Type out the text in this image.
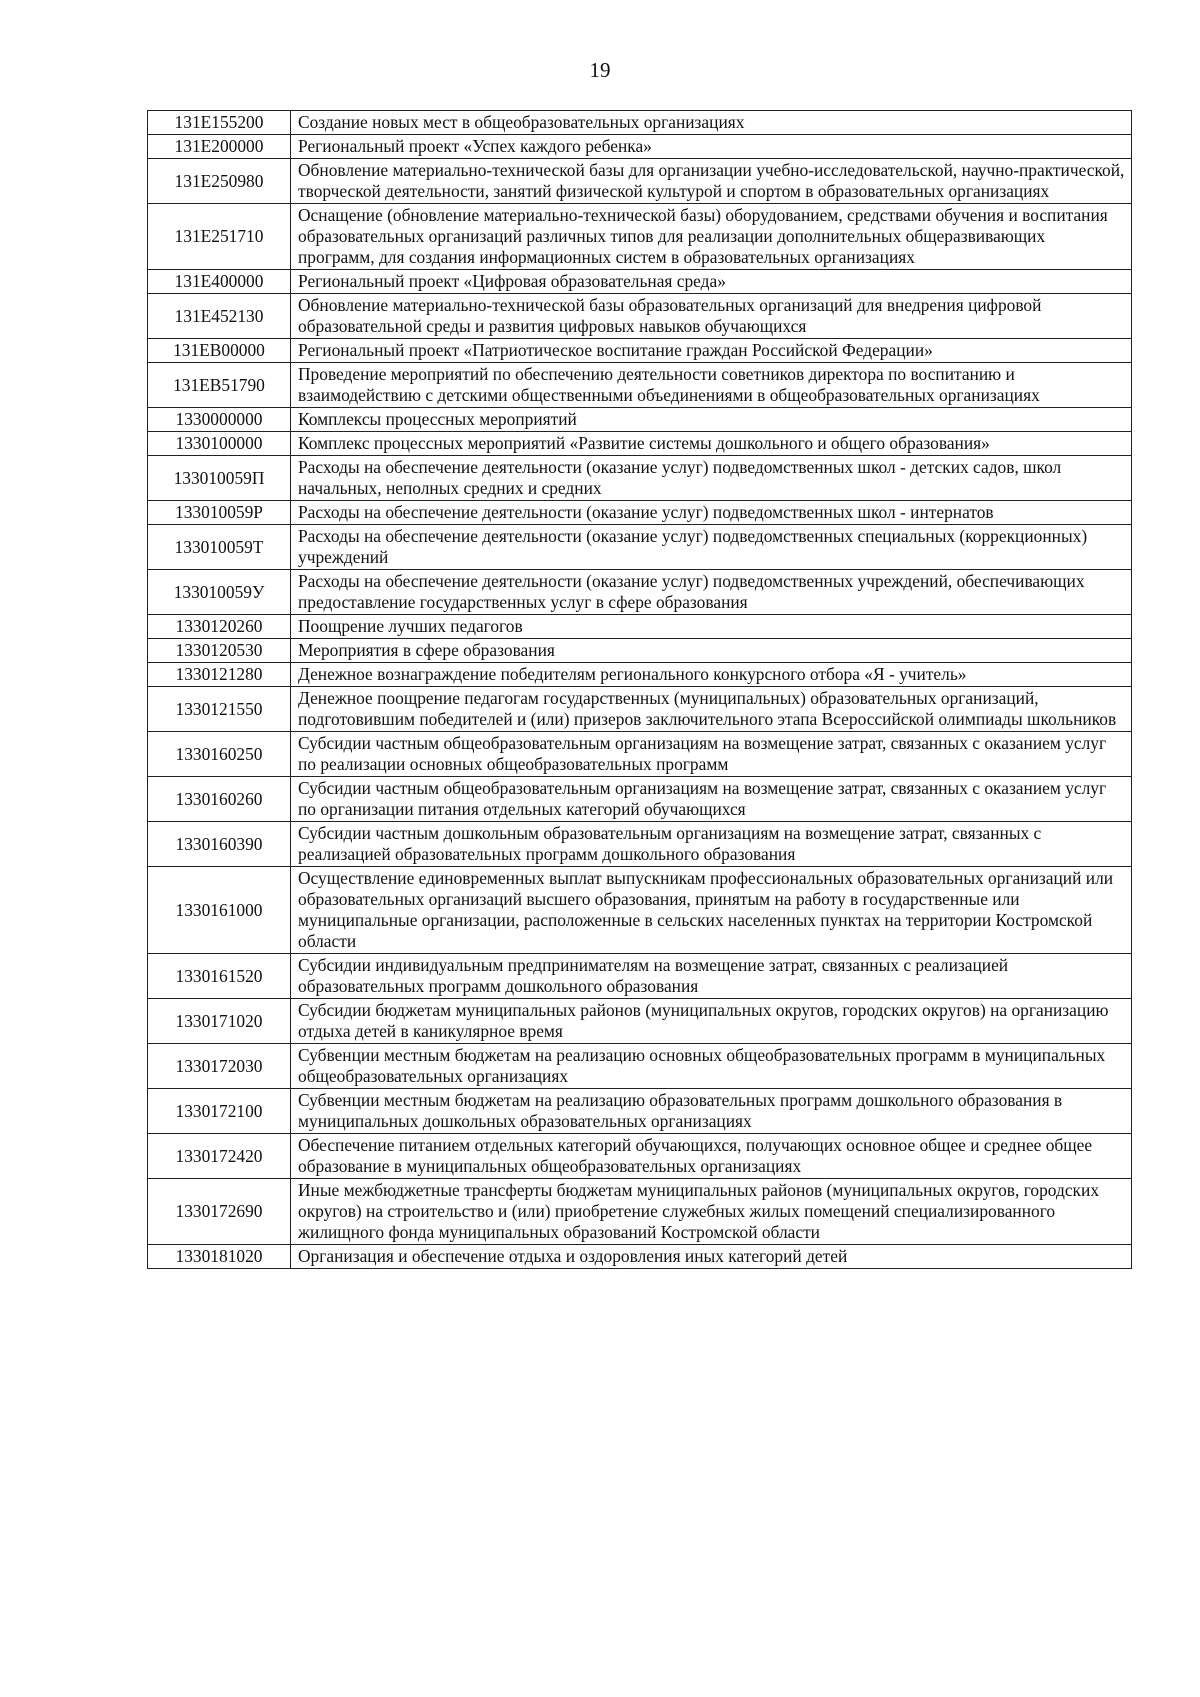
19
131E155200	Создание новых мест в общеобразовательных организациях
131E200000	Региональный проект «Успех каждого ребенка»
131E250980	Обновление материально-технической базы для организации учебно-исследовательской, научно-практической, творческой деятельности, занятий физической культурой и спортом в образовательных организациях
131E251710	Оснащение (обновление материально-технической базы) оборудованием, средствами обучения и воспитания образовательных организаций различных типов для реализации дополнительных общеразвивающих программ, для создания информационных систем в образовательных организациях
131E400000	Региональный проект «Цифровая образовательная среда»
131E452130	Обновление материально-технической базы образовательных организаций для внедрения цифровой образовательной среды и развития цифровых навыков обучающихся
131EB00000	Региональный проект «Патриотическое воспитание граждан Российской Федерации»
131EB51790	Проведение мероприятий по обеспечению деятельности советников директора по воспитанию и взаимодействию с детскими общественными объединениями в общеобразовательных организациях
1330000000	Комплексы процессных мероприятий
1330100000	Комплекс процессных мероприятий «Развитие системы дошкольного и общего образования»
133010059П	Расходы на обеспечение деятельности (оказание услуг) подведомственных школ - детских садов, школ начальных, неполных средних и средних
133010059Р	Расходы на обеспечение деятельности (оказание услуг) подведомственных школ - интернатов
133010059Т	Расходы на обеспечение деятельности (оказание услуг) подведомственных специальных (коррекционных) учреждений
133010059У	Расходы на обеспечение деятельности (оказание услуг) подведомственных учреждений, обеспечивающих предоставление государственных услуг в сфере образования
1330120260	Поощрение лучших педагогов
1330120530	Мероприятия в сфере образования
1330121280	Денежное вознаграждение победителям регионального конкурсного отбора «Я - учитель»
1330121550	Денежное поощрение педагогам государственных (муниципальных) образовательных организаций, подготовившим победителей и (или) призеров заключительного этапа Всероссийской олимпиады школьников
1330160250	Субсидии частным общеобразовательным организациям на возмещение затрат, связанных с оказанием услуг по реализации основных общеобразовательных программ
1330160260	Субсидии частным общеобразовательным организациям на возмещение затрат, связанных с оказанием услуг по организации питания отдельных категорий обучающихся
1330160390	Субсидии частным дошкольным образовательным организациям на возмещение затрат, связанных с реализацией образовательных программ дошкольного образования
1330161000	Осуществление единовременных выплат выпускникам профессиональных образовательных организаций или образовательных организаций высшего образования, принятым на работу в государственные или муниципальные организации, расположенные в сельских населенных пунктах на территории Костромской области
1330161520	Субсидии индивидуальным предпринимателям на возмещение затрат, связанных с реализацией образовательных программ дошкольного образования
1330171020	Субсидии бюджетам муниципальных районов (муниципальных округов, городских округов) на организацию отдыха детей в каникулярное время
1330172030	Субвенции местным бюджетам на реализацию основных общеобразовательных программ в муниципальных общеобразовательных организациях
1330172100	Субвенции местным бюджетам на реализацию образовательных программ дошкольного образования в муниципальных дошкольных образовательных организациях
1330172420	Обеспечение питанием отдельных категорий обучающихся, получающих основное общее и среднее общее образование в муниципальных общеобразовательных организациях
1330172690	Иные межбюджетные трансферты бюджетам муниципальных районов (муниципальных округов, городских округов) на строительство и (или) приобретение служебных жилых помещений специализированного жилищного фонда муниципальных образований Костромской области
1330181020	Организация и обеспечение отдыха и оздоровления иных категорий детей
